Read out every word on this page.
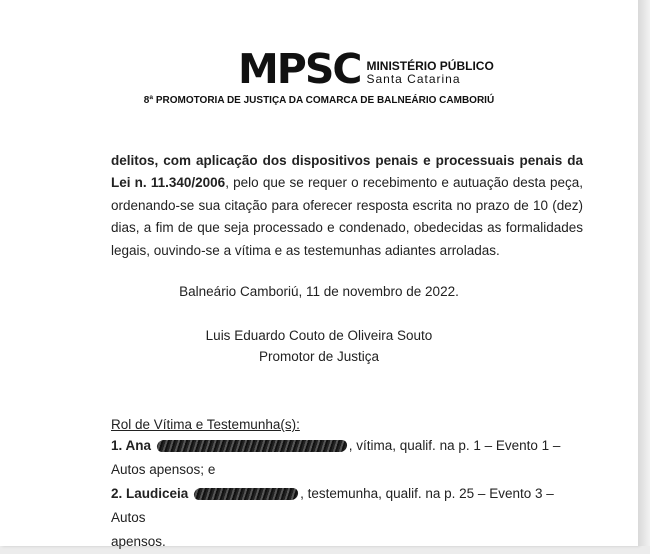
MPSC MINISTÉRIO PÚBLICO
Santa Catarina
8ª PROMOTORIA DE JUSTIÇA DA COMARCA DE BALNEÁRIO CAMBORIÚ

delitos, com aplicação dos dispositivos penais e processuais penais da Lei n. 11.340/2006, pelo que se requer o recebimento e autuação desta peça, ordenando-se sua citação para oferecer resposta escrita no prazo de 10 (dez) dias, a fim de que seja processado e condenado, obedecidas as formalidades legais, ouvindo-se a vítima e as testemunhas adiantes arroladas.

Balneário Camboriú, 11 de novembro de 2022.
Luis Eduardo Couto de Oliveira Souto
Promotor de Justiça
Rol de Vítima e Testemunha(s):
1. Ana	, vítima, qualif. na p. 1 – Evento 1 –
Autos apensos; e
2. Laudiceia	, testemunha, qualif. na p. 25 – Evento 3 – Autos
apensos.
